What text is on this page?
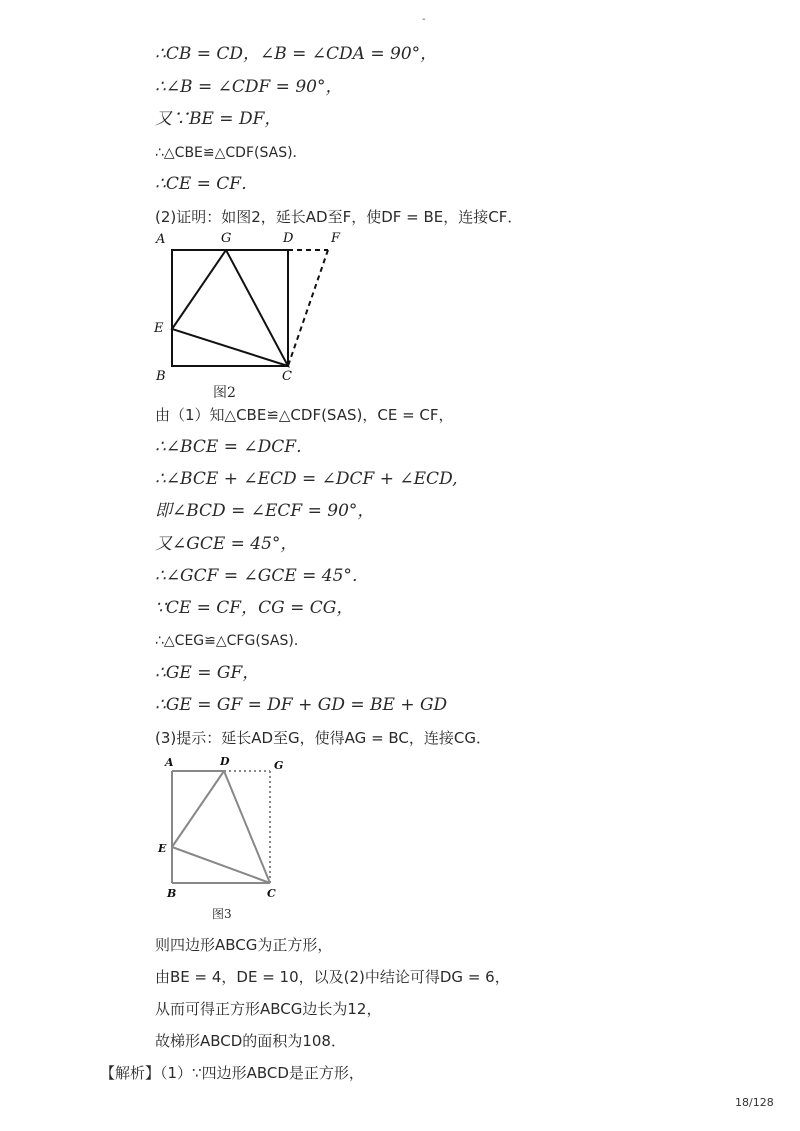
-
∴CB = CD，∠B = ∠CDA = 90°，
∴∠B = ∠CDF = 90°，
又∵BE = DF，
∴△CBE≌△CDF(SAS)．
∴CE = CF．
(2)证明：如图2，延长AD至F，使DF = BE，连接CF．
A	G	D	F
E
B	C
图2
由（1）知△CBE≌△CDF(SAS)，CE = CF，
∴∠BCE = ∠DCF．
∴∠BCE + ∠ECD = ∠DCF + ∠ECD,
即∠BCD = ∠ECF = 90°，
又∠GCE = 45°，
∴∠GCF = ∠GCE = 45°．
∵CE = CF，CG = CG，
∴△CEG≌△CFG(SAS)．
∴GE = GF，
∴GE = GF = DF + GD = BE + GD
(3)提示：延长AD至G，使得AG = BC，连接CG．
A	D	G
E
B	C
图3
则四边形ABCG为正方形，
由BE = 4，DE = 10，以及(2)中结论可得DG = 6，
从而可得正方形ABCG边长为12，
故梯形ABCD的面积为108．
【解析】（1）∵四边形ABCD是正方形，
18/128
